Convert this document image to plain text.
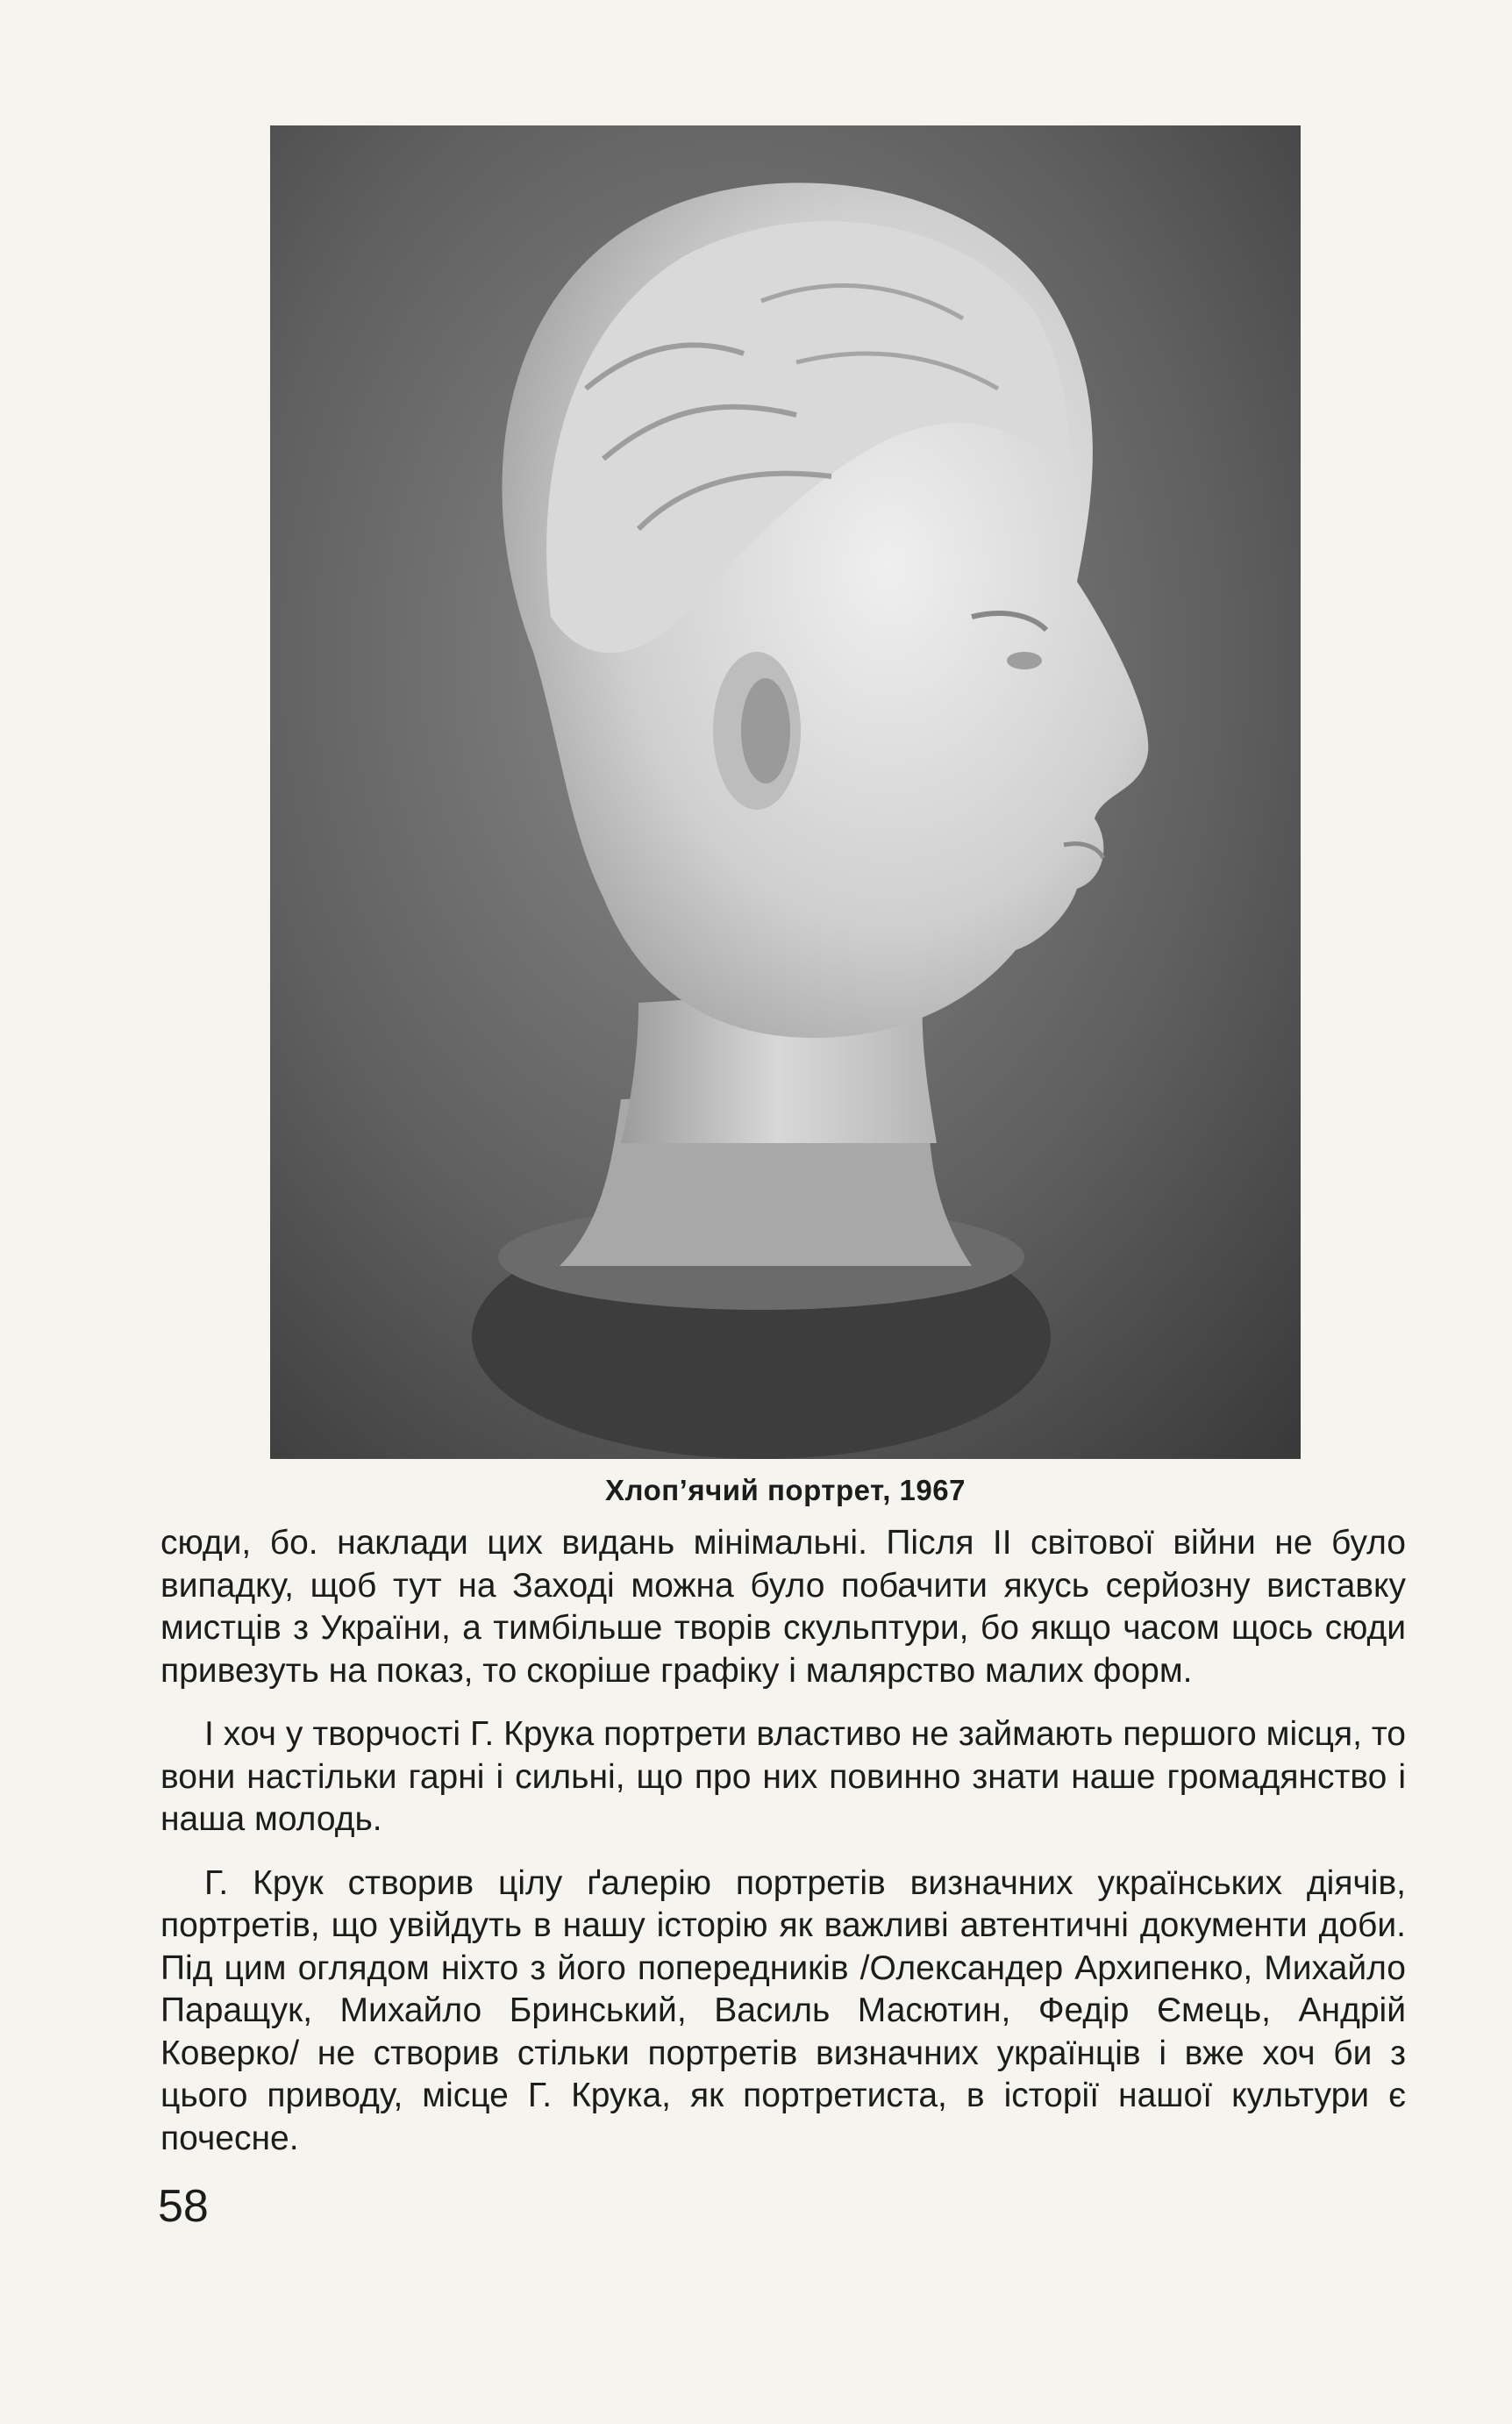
Хлоп’ячий портрет, 1967

сюди, бо. наклади цих видань мінімальні. Після II світової війни не було випадку, щоб тут на Заході можна було побачити якусь серйозну виставку мистців з України, а тимбільше творів скульптури, бо якщо часом щось сюди привезуть на показ, то скоріше графіку і малярство малих форм.

І хоч у творчості Г. Крука портрети властиво не займають першого місця, то вони настільки гарні і сильні, що про них повинно знати наше громадянство і наша молодь.

Г. Крук створив цілу ґалерію портретів визначних українських діячів, портретів, що увійдуть в нашу історію як важливі автентичні документи доби. Під цим оглядом ніхто з його попередників /Олександер Архипенко, Михайло Паращук, Михайло Бринський, Василь Масютин, Федір Ємець, Андрій Коверко/ не створив стільки портретів визначних українців і вже хоч би з цього приводу, місце Г. Крука, як портретиста, в історії нашої культури є почесне.

58
